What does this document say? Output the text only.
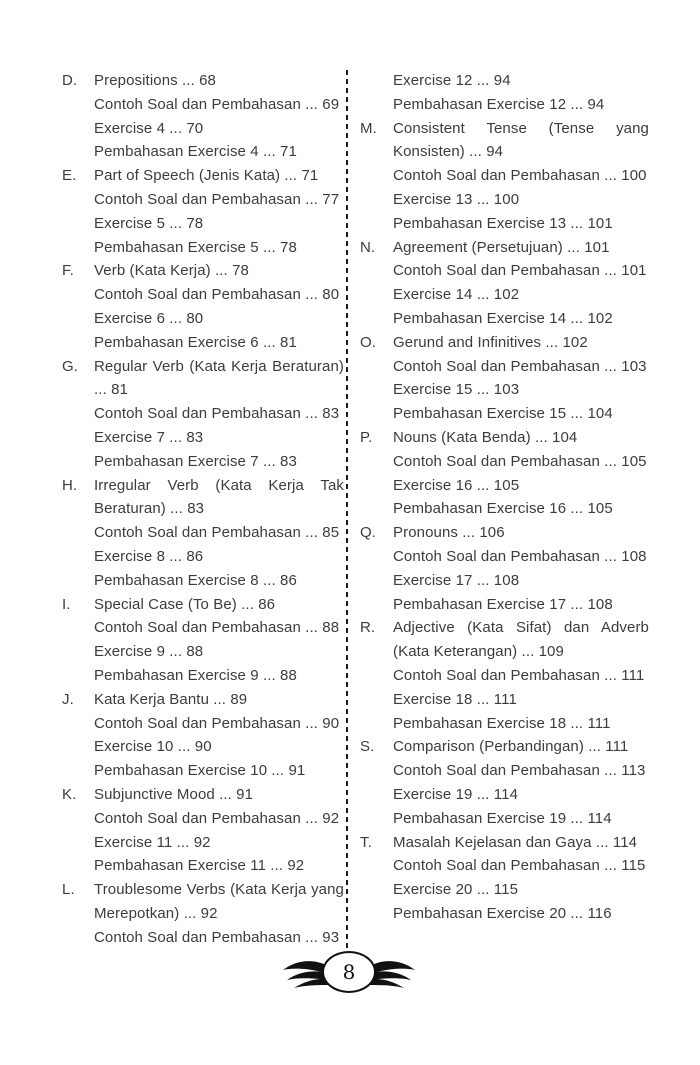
D.	Prepositions ... 68
Contoh Soal dan Pembahasan ... 69
Exercise 4 ... 70
Pembahasan Exercise 4 ... 71
E.	Part of Speech (Jenis Kata) ... 71
Contoh Soal dan Pembahasan ... 77
Exercise 5 ... 78
Pembahasan Exercise 5 ... 78
F.	Verb (Kata Kerja) ... 78
Contoh Soal dan Pembahasan ... 80
Exercise 6 ... 80
Pembahasan Exercise 6 ... 81
G.	Regular Verb (Kata Kerja Beraturan) ... 81
Contoh Soal dan Pembahasan ... 83
Exercise 7 ... 83
Pembahasan Exercise 7 ... 83
H.	Irregular Verb (Kata Kerja Tak Beraturan) ... 83
Contoh Soal dan Pembahasan ... 85
Exercise 8 ... 86
Pembahasan Exercise 8 ... 86
I.	Special Case (To Be) ... 86
Contoh Soal dan Pembahasan ... 88
Exercise 9 ... 88
Pembahasan Exercise 9 ... 88
J.	Kata Kerja Bantu ... 89
Contoh Soal dan Pembahasan ... 90
Exercise 10 ... 90
Pembahasan Exercise 10 ... 91
K.	Subjunctive Mood ... 91
Contoh Soal dan Pembahasan ... 92
Exercise 11 ... 92
Pembahasan Exercise 11 ... 92
L.	Troublesome Verbs (Kata Kerja yang Merepotkan) ... 92
Contoh Soal dan Pembahasan ... 93
Exercise 12 ... 94
Pembahasan Exercise 12 ... 94
M.	Consistent Tense (Tense yang Konsisten) ... 94
Contoh Soal dan Pembahasan ... 100
Exercise 13 ... 100
Pembahasan Exercise 13 ... 101
N.	Agreement (Persetujuan) ... 101
Contoh Soal dan Pembahasan ... 101
Exercise 14 ... 102
Pembahasan Exercise 14 ... 102
O.	Gerund and Infinitives ... 102
Contoh Soal dan Pembahasan ... 103
Exercise 15 ... 103
Pembahasan Exercise 15 ... 104
P.	Nouns (Kata Benda) ... 104
Contoh Soal dan Pembahasan ... 105
Exercise 16 ... 105
Pembahasan Exercise 16 ... 105
Q.	Pronouns ... 106
Contoh Soal dan Pembahasan ... 108
Exercise 17 ... 108
Pembahasan Exercise 17 ... 108
R.	Adjective (Kata Sifat) dan Adverb (Kata Keterangan) ... 109
Contoh Soal dan Pembahasan ... 111
Exercise 18 ... 111
Pembahasan Exercise 18 ... 111
S.	Comparison (Perbandingan) ... 111
Contoh Soal dan Pembahasan ... 113
Exercise 19 ... 114
Pembahasan Exercise 19 ... 114
T.	Masalah Kejelasan dan Gaya ... 114
Contoh Soal dan Pembahasan ... 115
Exercise 20 ... 115
Pembahasan Exercise 20 ... 116
8
